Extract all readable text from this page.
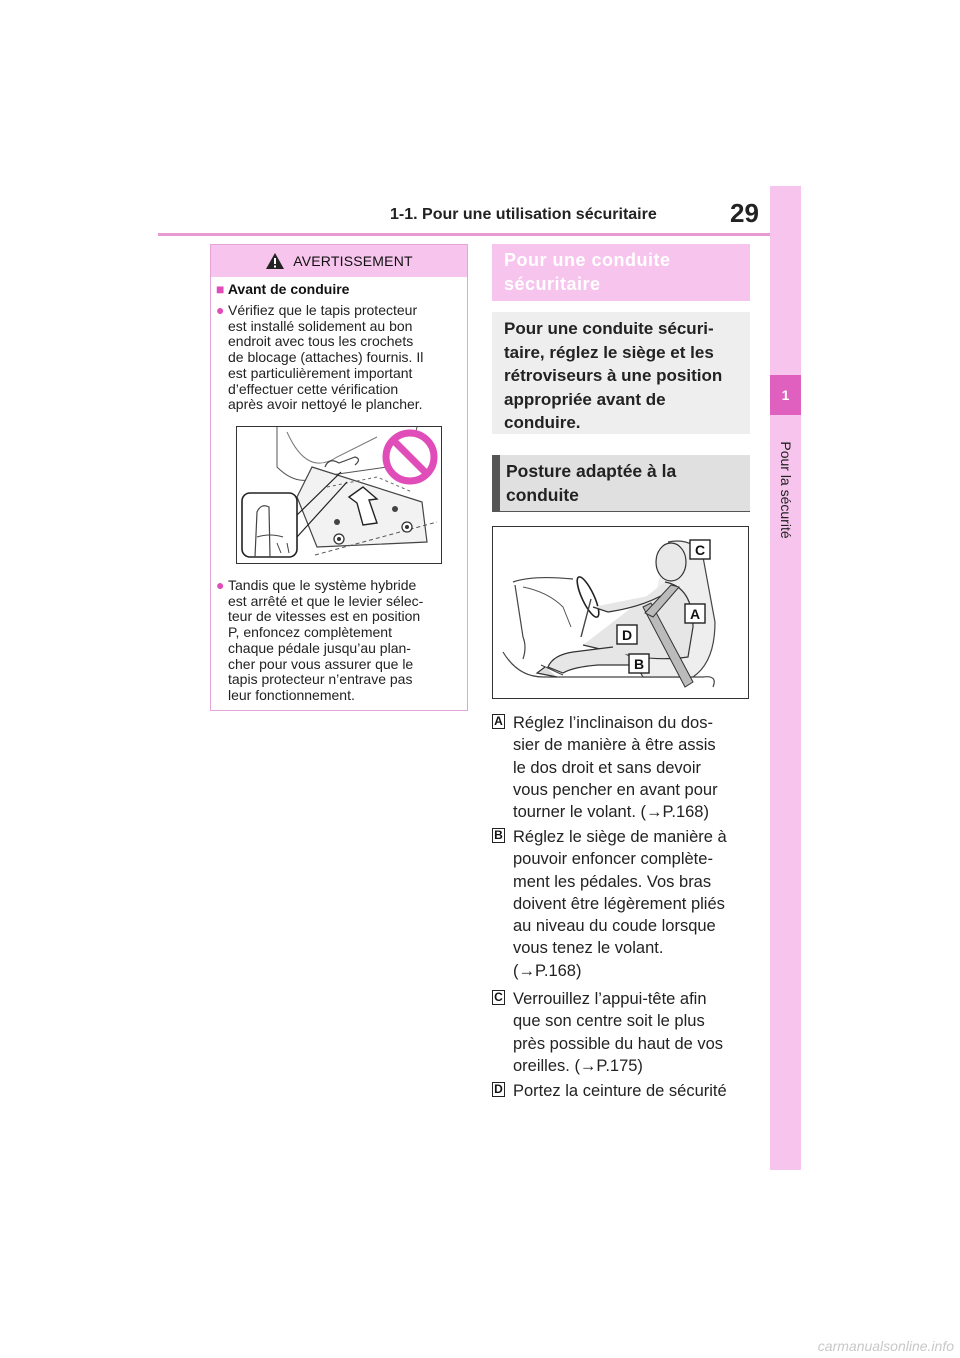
1-1. Pour une utilisation sécuritaire	29
1
Pour la sécurité
AVERTISSEMENT
■ Avant de conduire
● Vérifiez que le tapis protecteur
est installé solidement au bon
endroit avec tous les crochets
de blocage (attaches) fournis. Il
est particulièrement important
d’effectuer cette vérification
après avoir nettoyé le plancher.
● Tandis que le système hybride
est arrêté et que le levier sélec-
teur de vitesses est en position
P, enfoncez complètement
chaque pédale jusqu’au plan-
cher pour vous assurer que le
tapis protecteur n’entrave pas
leur fonctionnement.
Pour une conduite
sécuritaire
Pour une conduite sécuri-
taire, réglez le siège et les
rétroviseurs à une position
appropriée avant de
conduire.
Posture adaptée à la
conduite
C
A
D
B
A Réglez l’inclinaison du dos-
sier de manière à être assis
le dos droit et sans devoir
vous pencher en avant pour
tourner le volant. (→P.168)
B Réglez le siège de manière à
pouvoir enfoncer complète-
ment les pédales. Vos bras
doivent être légèrement pliés
au niveau du coude lorsque
vous tenez le volant.
(→P.168)
C Verrouillez l’appui-tête afin
que son centre soit le plus
près possible du haut de vos
oreilles. (→P.175)
D Portez la ceinture de sécurité
carmanualsonline.info
